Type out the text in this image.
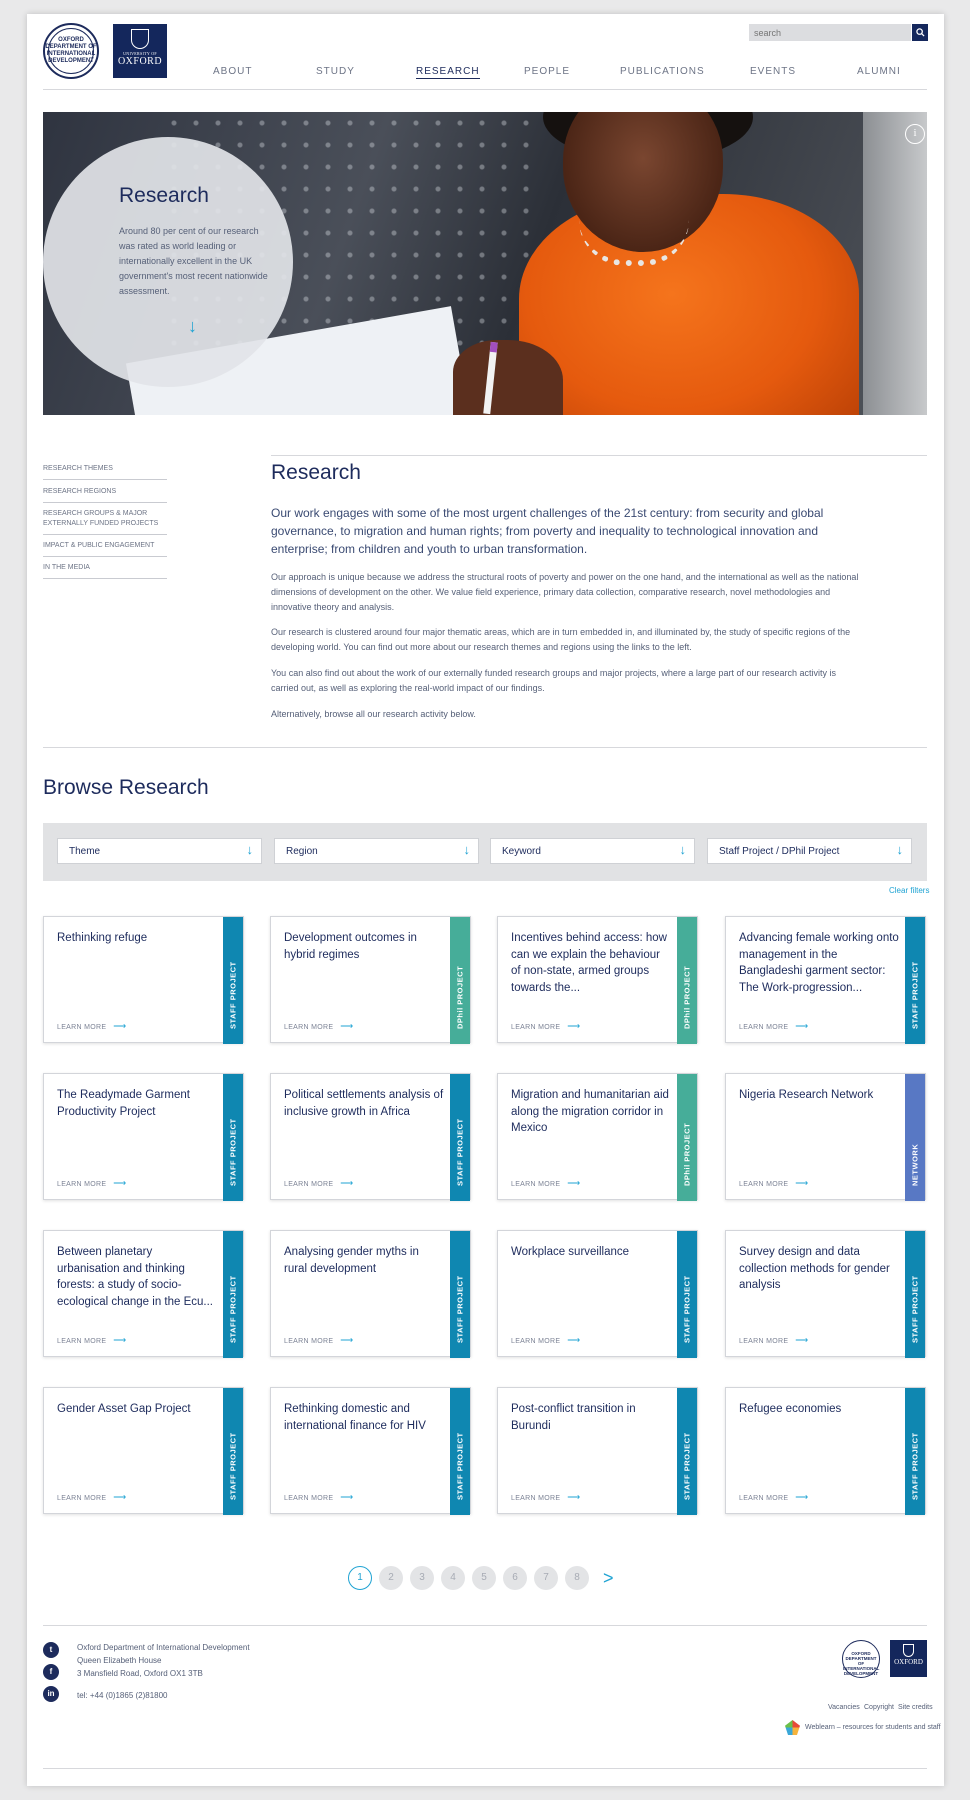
OXFORD DEPARTMENT OF INTERNATIONAL DEVELOPMENT
UNIVERSITY OF
OXFORD
search
ABOUT	STUDY	RESEARCH	PEOPLE	PUBLICATIONS	EVENTS	ALUMNI
Research
Around 80 per cent of our research was rated as world leading or internationally excellent in the UK government's most recent nationwide assessment.
↓
i
RESEARCH THEMES
RESEARCH REGIONS
RESEARCH GROUPS & MAJOR EXTERNALLY FUNDED PROJECTS
IMPACT & PUBLIC ENGAGEMENT
IN THE MEDIA
Research
Our work engages with some of the most urgent challenges of the 21st century: from security and global governance, to migration and human rights; from poverty and inequality to technological innovation and enterprise; from children and youth to urban transformation.
Our approach is unique because we address the structural roots of poverty and power on the one hand, and the international as well as the national dimensions of development on the other. We value field experience, primary data collection, comparative research, novel methodologies and innovative theory and analysis.
Our research is clustered around four major thematic areas, which are in turn embedded in, and illuminated by, the study of specific regions of the developing world. You can find out more about our research themes and regions using the links to the left.
You can also find out about the work of our externally funded research groups and major projects, where a large part of our research activity is carried out, as well as exploring the real-world impact of our findings.
Alternatively, browse all our research activity below.
Browse Research
Theme	↓	Region	↓	Keyword	↓	Staff Project / DPhil Project	↓
Clear filters
Rethinking refuge
LEARN MORE ⟶	STAFF PROJECT
Development outcomes in hybrid regimes
LEARN MORE ⟶	DPhil PROJECT
Incentives behind access: how can we explain the behaviour of non-state, armed groups towards the...
LEARN MORE ⟶	DPhil PROJECT
Advancing female working onto management in the Bangladeshi garment sector: The Work-progression...
LEARN MORE ⟶	STAFF PROJECT
The Readymade Garment Productivity Project
LEARN MORE ⟶	STAFF PROJECT
Political settlements analysis of inclusive growth in Africa
LEARN MORE ⟶	STAFF PROJECT
Migration and humanitarian aid along the migration corridor in Mexico
LEARN MORE ⟶	DPhil PROJECT
Nigeria Research Network
LEARN MORE ⟶	NETWORK
Between planetary urbanisation and thinking forests: a study of socio-ecological change in the Ecu...
LEARN MORE ⟶	STAFF PROJECT
Analysing gender myths in rural development
LEARN MORE ⟶	STAFF PROJECT
Workplace surveillance
LEARN MORE ⟶	STAFF PROJECT
Survey design and data collection methods for gender analysis
LEARN MORE ⟶	STAFF PROJECT
Gender Asset Gap Project
LEARN MORE ⟶	STAFF PROJECT
Rethinking domestic and international finance for HIV
LEARN MORE ⟶	STAFF PROJECT
Post-conflict transition in Burundi
LEARN MORE ⟶	STAFF PROJECT
Refugee economies
LEARN MORE ⟶	STAFF PROJECT
1	2	3	4	5	6	7	8	>
t
f
in
Oxford Department of International Development
Queen Elizabeth House
3 Mansfield Road, Oxford OX1 3TB
tel: +44 (0)1865 (2)81800
OXFORD DEPARTMENT OF INTERNATIONAL DEVELOPMENT
OXFORD
Vacancies Copyright Site credits
Weblearn – resources for students and staff
